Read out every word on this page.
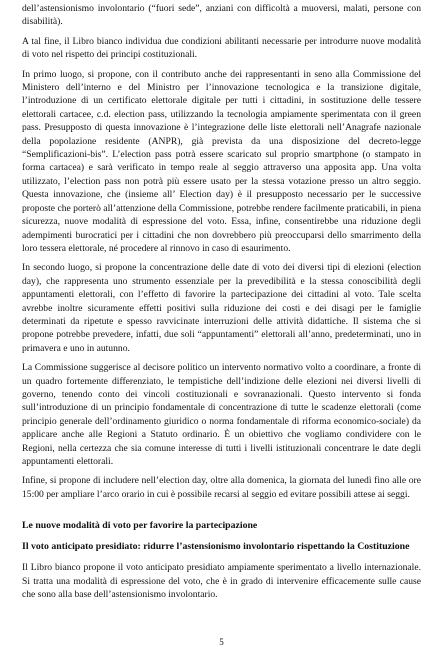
dell’astensionismo involontario (“fuori sede”, anziani con difficoltà a muoversi, malati, persone con disabilità).

A tal fine, il Libro bianco individua due condizioni abilitanti necessarie per introdurre nuove modalità di voto nel rispetto dei principi costituzionali.

In primo luogo, si propone, con il contributo anche dei rappresentanti in seno alla Commissione del Ministero dell’interno e del Ministro per l’innovazione tecnologica e la transizione digitale, l’introduzione di un certificato elettorale digitale per tutti i cittadini, in sostituzione delle tessere elettorali cartacee, c.d. election pass, utilizzando la tecnologia ampiamente sperimentata con il green pass. Presupposto di questa innovazione è l’integrazione delle liste elettorali nell’Anagrafe nazionale della popolazione residente (ANPR), già prevista da una disposizione del decreto-legge “Semplificazioni-bis”. L’election pass potrà essere scaricato sul proprio smartphone (o stampato in forma cartacea) e sarà verificato in tempo reale al seggio attraverso una apposita app. Una volta utilizzato, l’election pass non potrà più essere usato per la stessa votazione presso un altro seggio. Questa innovazione, che (insieme all’ Election day) è il presupposto necessario per le successive proposte che porterò all’attenzione della Commissione, potrebbe rendere facilmente praticabili, in piena sicurezza, nuove modalità di espressione del voto. Essa, infine, consentirebbe una riduzione degli adempimenti burocratici per i cittadini che non dovrebbero più preoccuparsi dello smarrimento della loro tessera elettorale, né procedere al rinnovo in caso di esaurimento.

In secondo luogo, si propone la concentrazione delle date di voto dei diversi tipi di elezioni (election day), che rappresenta uno strumento essenziale per la prevedibilità e la stessa conoscibilità degli appuntamenti elettorali, con l’effetto di favorire la partecipazione dei cittadini al voto. Tale scelta avrebbe inoltre sicuramente effetti positivi sulla riduzione dei costi e dei disagi per le famiglie determinati da ripetute e spesso ravvicinate interruzioni delle attività didattiche. Il sistema che si propone potrebbe prevedere, infatti, due soli “appuntamenti” elettorali all’anno, predeterminati, uno in primavera e uno in autunno.

La Commissione suggerisce al decisore politico un intervento normativo volto a coordinare, a fronte di un quadro fortemente differenziato, le tempistiche dell’indizione delle elezioni nei diversi livelli di governo, tenendo conto dei vincoli costituzionali e sovranazionali. Questo intervento si fonda sull’introduzione di un principio fondamentale di concentrazione di tutte le scadenze elettorali (come principio generale dell’ordinamento giuridico o norma fondamentale di riforma economico-sociale) da applicare anche alle Regioni a Statuto ordinario. È un obiettivo che vogliamo condividere con le Regioni, nella certezza che sia comune interesse di tutti i livelli istituzionali concentrare le date degli appuntamenti elettorali.

Infine, si propone di includere nell’election day, oltre alla domenica, la giornata del lunedì fino alle ore 15:00 per ampliare l’arco orario in cui è possibile recarsi al seggio ed evitare possibili attese ai seggi.

Le nuove modalità di voto per favorire la partecipazione
Il voto anticipato presidiato: ridurre l’astensionismo involontario rispettando la Costituzione

Il Libro bianco propone il voto anticipato presidiato ampiamente sperimentato a livello internazionale. Si tratta una modalità di espressione del voto, che è in grado di intervenire efficacemente sulle cause che sono alla base dell’astensionismo involontario.

5
